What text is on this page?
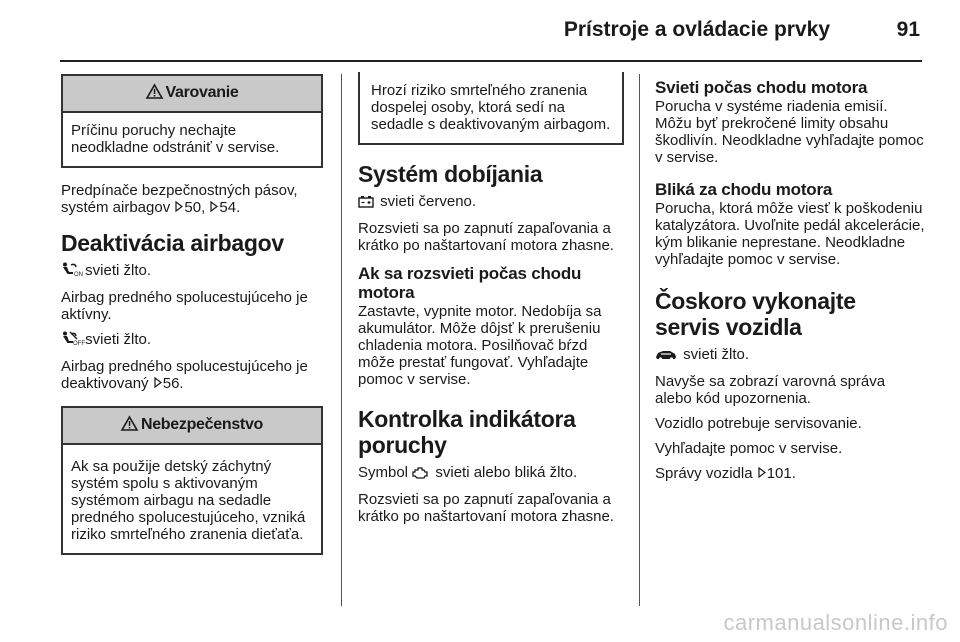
Prístroje a ovládacie prvky	91
Varovanie
Príčinu poruchy nechajte neodkladne odstrániť v servise.

Predpínače bezpečnostných pásov, systém airbagov 50, 54.

Deaktivácia airbagov

ON svieti žlto.

Airbag predného spolucestujúceho je aktívny.

OFF svieti žlto.

Airbag predného spolucestujúceho je deaktivovaný 56.

Nebezpečenstvo
Ak sa použije detský záchytný systém spolu s aktivovaným systémom airbagu na sedadle predného spolucestujúceho, vzniká riziko smrteľného zranenia dieťaťa.
Hrozí riziko smrteľného zranenia dospelej osoby, ktorá sedí na sedadle s deaktivovaným airbagom.
Systém dobíjania

svieti červeno.

Rozsvieti sa po zapnutí zapaľovania a krátko po naštartovaní motora zhasne.

Ak sa rozsvieti počas chodu motora

Zastavte, vypnite motor. Nedobíja sa akumulátor. Môže dôjsť k prerušeniu chladenia motora. Posilňovač bŕzd môže prestať fungovať. Vyhľadajte pomoc v servise.

Kontrolka indikátora poruchy

Symbol svieti alebo bliká žlto.

Rozsvieti sa po zapnutí zapaľovania a krátko po naštartovaní motora zhasne.

Svieti počas chodu motora

Porucha v systéme riadenia emisií. Môžu byť prekročené limity obsahu škodlivín. Neodkladne vyhľadajte pomoc v servise.

Bliká za chodu motora

Porucha, ktorá môže viesť k poškodeniu katalyzátora. Uvoľnite pedál akcelerácie, kým blikanie neprestane. Neodkladne vyhľadajte pomoc v servise.

Čoskoro vykonajte servis vozidla

svieti žlto.

Navyše sa zobrazí varovná správa alebo kód upozornenia.

Vozidlo potrebuje servisovanie.

Vyhľadajte pomoc v servise.

Správy vozidla 101.

carmanualsonline.info
